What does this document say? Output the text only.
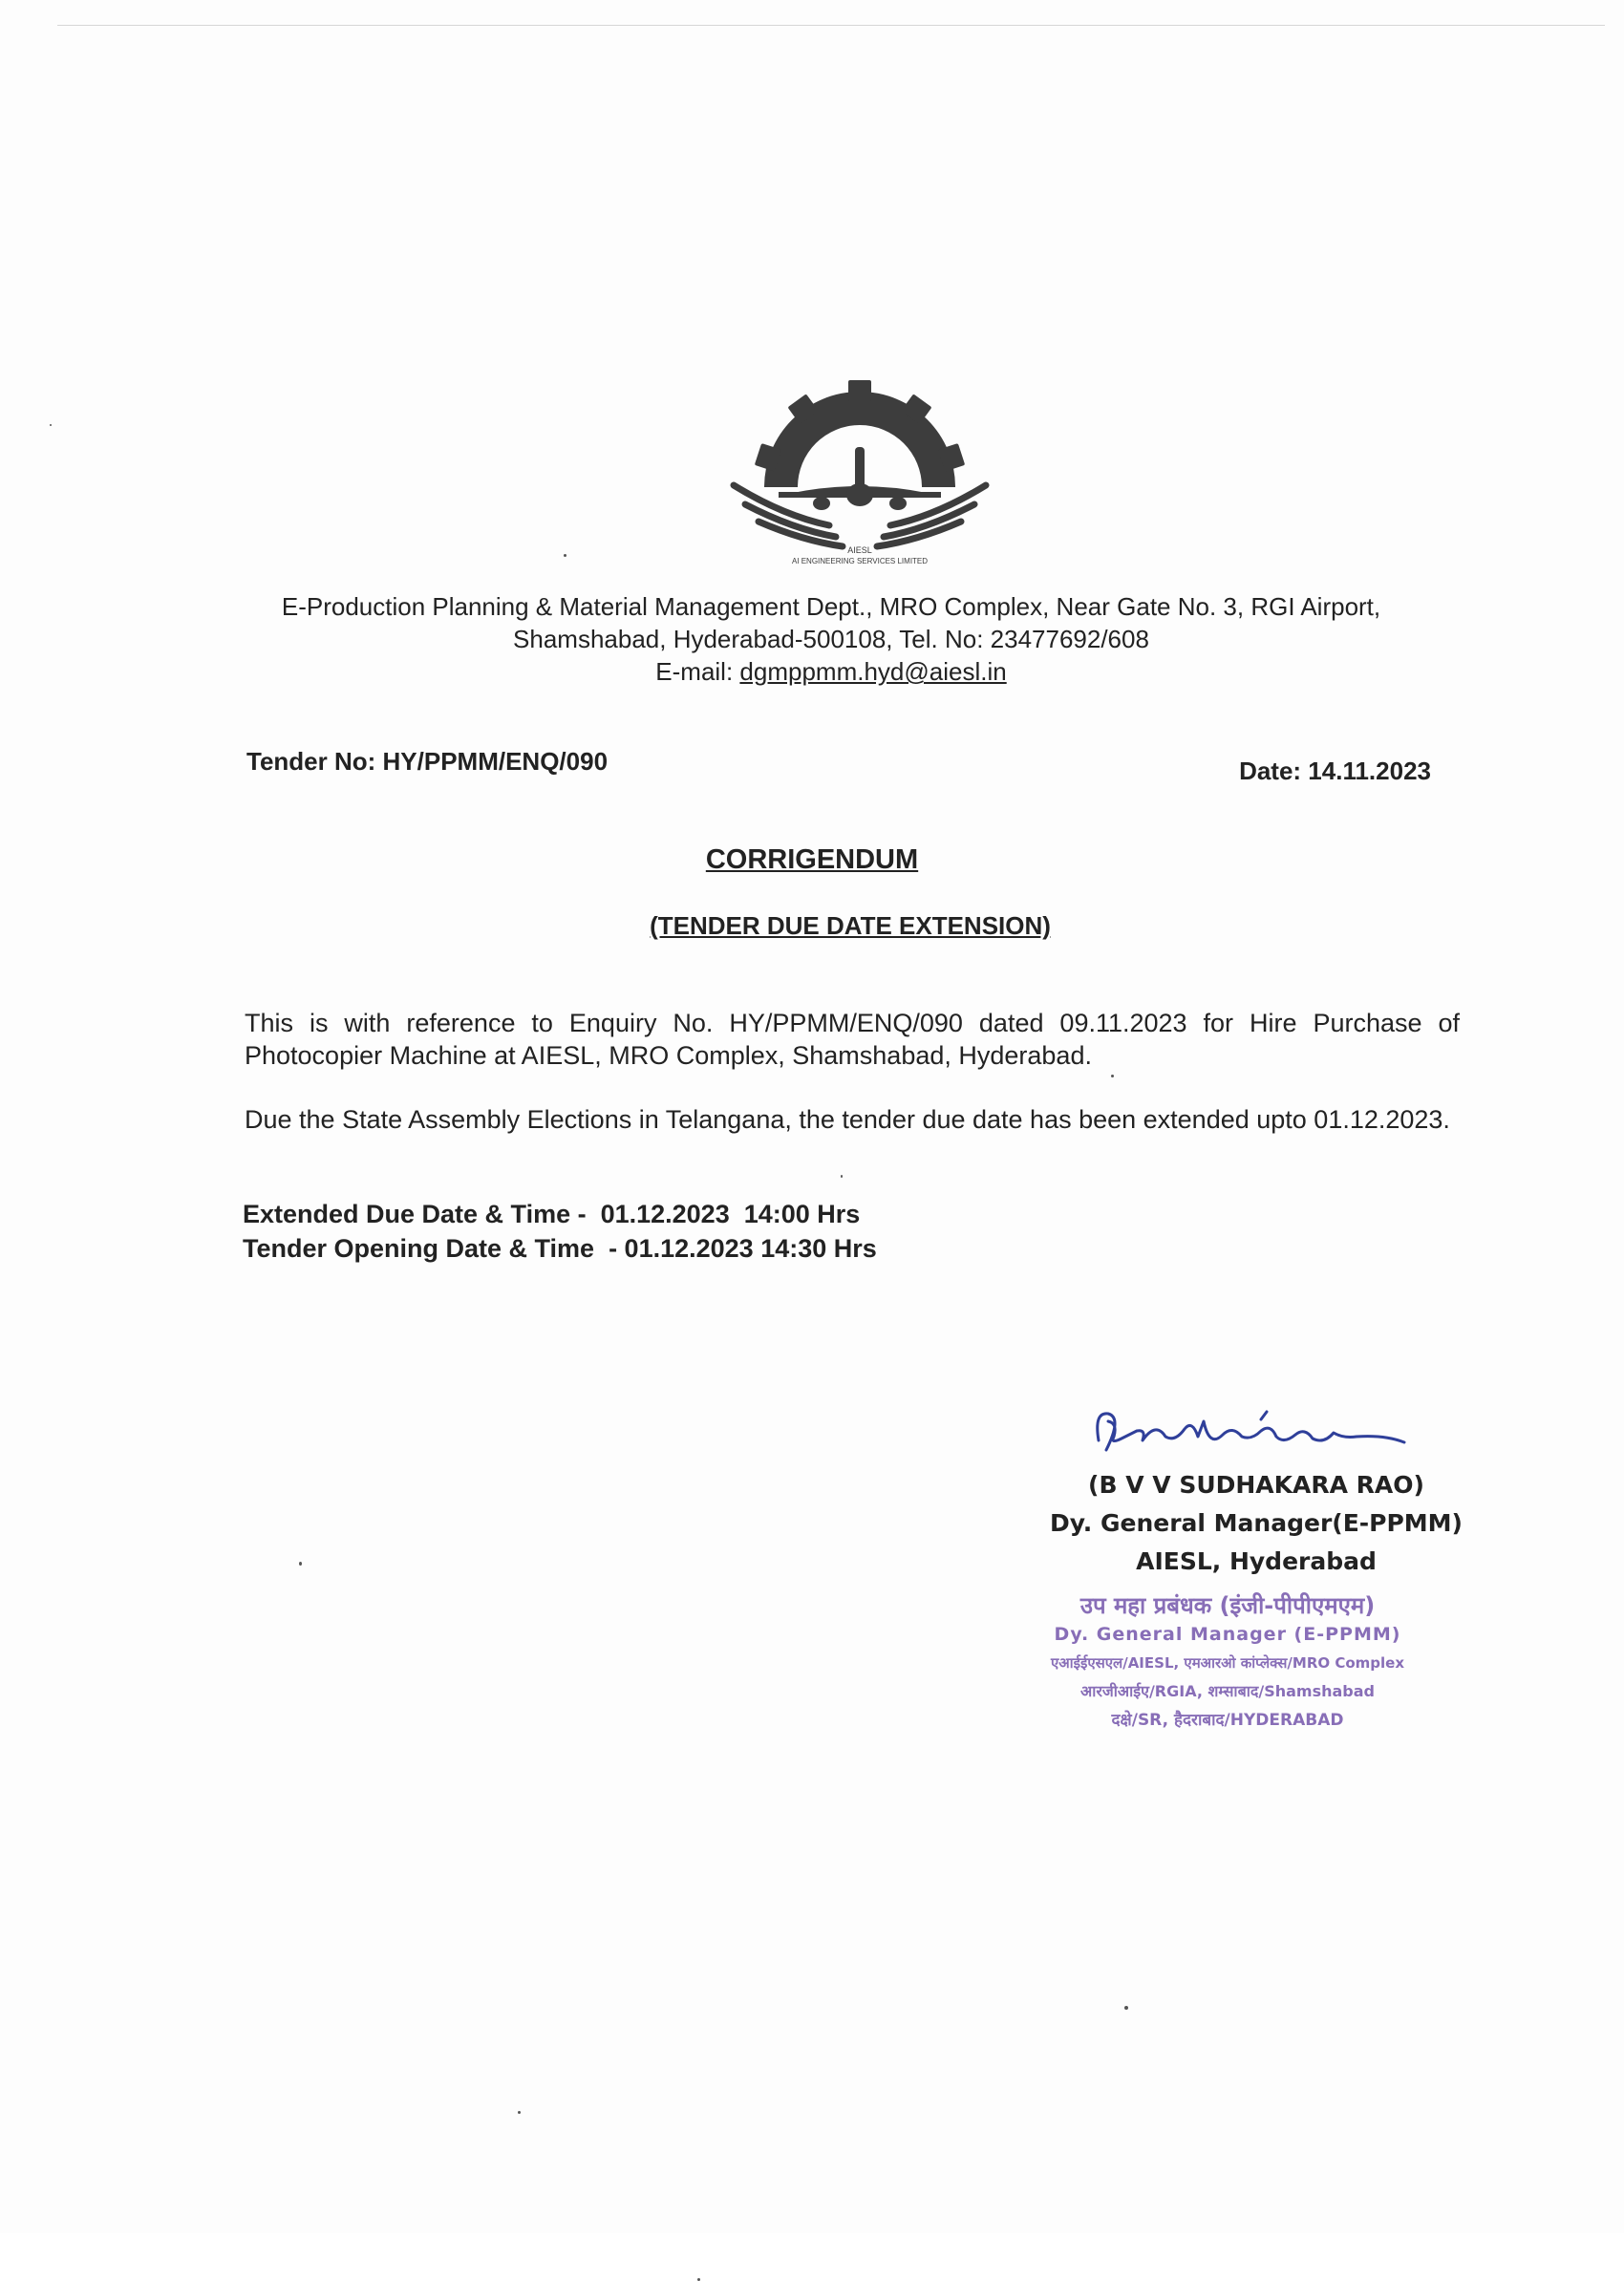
AIESL
AI ENGINEERING SERVICES LIMITED
E-Production Planning & Material Management Dept., MRO Complex, Near Gate No. 3, RGI Airport,
Shamshabad, Hyderabad-500108, Tel. No: 23477692/608
E-mail: dgmppmm.hyd@aiesl.in
Tender No: HY/PPMM/ENQ/090	Date: 14.11.2023
CORRIGENDUM
(TENDER DUE DATE EXTENSION)
This is with reference to Enquiry No. HY/PPMM/ENQ/090 dated 09.11.2023 for Hire Purchase of Photocopier Machine at AIESL, MRO Complex, Shamshabad, Hyderabad.
Due the State Assembly Elections in Telangana, the tender due date has been extended upto 01.12.2023.
Extended Due Date & Time -  01.12.2023  14:00 Hrs
Tender Opening Date & Time  - 01.12.2023 14:30 Hrs
(B V V SUDHAKARA RAO)
Dy. General Manager(E-PPMM)
AIESL, Hyderabad
उप महा प्रबंधक (इंजी-पीपीएमएम)
Dy. General Manager (E-PPMM)
एआईईएसएल/AIESL, एमआरओ कांप्लेक्स/MRO Complex
आरजीआईए/RGIA, शम्साबाद/Shamshabad
दक्षे/SR, हैदराबाद/HYDERABAD
